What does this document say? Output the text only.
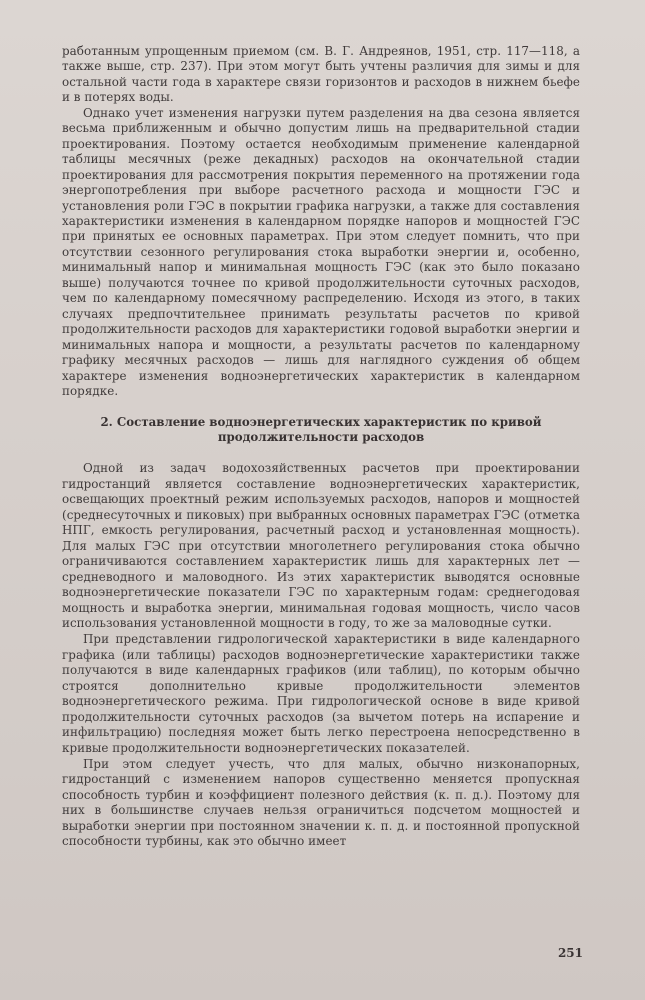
работанным упрощенным приемом (см. В. Г. Андреянов, 1951, стр. 117—118, а также выше, стр. 237). При этом могут быть учтены различия для зимы и для остальной части года в характере связи горизонтов и расходов в нижнем бьефе и в потерях воды.

Однако учет изменения нагрузки путем разделения на два сезона является весьма приближенным и обычно допустим лишь на предварительной стадии проектирования. Поэтому остается необходимым применение календарной таблицы месячных (реже декадных) расходов на окончательной стадии проектирования для рассмотрения покрытия переменного на протяжении года энергопотребления при выборе расчетного расхода и мощности ГЭС и установления роли ГЭС в покрытии графика нагрузки, а также для составления характеристики изменения в календарном порядке напоров и мощностей ГЭС при принятых ее основных параметрах. При этом следует помнить, что при отсутствии сезонного регулирования стока выработки энергии и, особенно, минимальный напор и минимальная мощность ГЭС (как это было показано выше) получаются точнее по кривой продолжительности суточных расходов, чем по календарному помесячному распределению. Исходя из этого, в таких случаях предпочтительнее принимать результаты расчетов по кривой продолжительности расходов для характеристики годовой выработки энергии и минимальных напора и мощности, а результаты расчетов по календарному графику месячных расходов — лишь для наглядного суждения об общем характере изменения водноэнергетических характеристик в календарном порядке.

2. Составление водноэнергетических характеристик по кривой продолжительности расходов

Одной из задач водохозяйственных расчетов при проектировании гидростанций является составление водноэнергетических характеристик, освещающих проектный режим используемых расходов, напоров и мощностей (среднесуточных и пиковых) при выбранных основных параметрах ГЭС (отметка НПГ, емкость регулирования, расчетный расход и установленная мощность). Для малых ГЭС при отсутствии многолетнего регулирования стока обычно ограничиваются составлением характеристик лишь для характерных лет — средневодного и маловодного. Из этих характеристик выводятся основные водноэнергетические показатели ГЭС по характерным годам: среднегодовая мощность и выработка энергии, минимальная годовая мощность, число часов использования установленной мощности в году, то же за маловодные сутки.

При представлении гидрологической характеристики в виде календарного графика (или таблицы) расходов водноэнергетические характеристики также получаются в виде календарных графиков (или таблиц), по которым обычно строятся дополнительно кривые продолжительности элементов водноэнергетического режима. При гидрологической основе в виде кривой продолжительности суточных расходов (за вычетом потерь на испарение и инфильтрацию) последняя может быть легко перестроена непосредственно в кривые продолжительности водноэнергетических показателей.

При этом следует учесть, что для малых, обычно низконапорных, гидростанций с изменением напоров существенно меняется пропускная способность турбин и коэффициент полезного действия (к. п. д.). Поэтому для них в большинстве случаев нельзя ограничиться подсчетом мощностей и выработки энергии при постоянном значении к. п. д. и постоянной пропускной способности турбины, как это обычно имеет

251
